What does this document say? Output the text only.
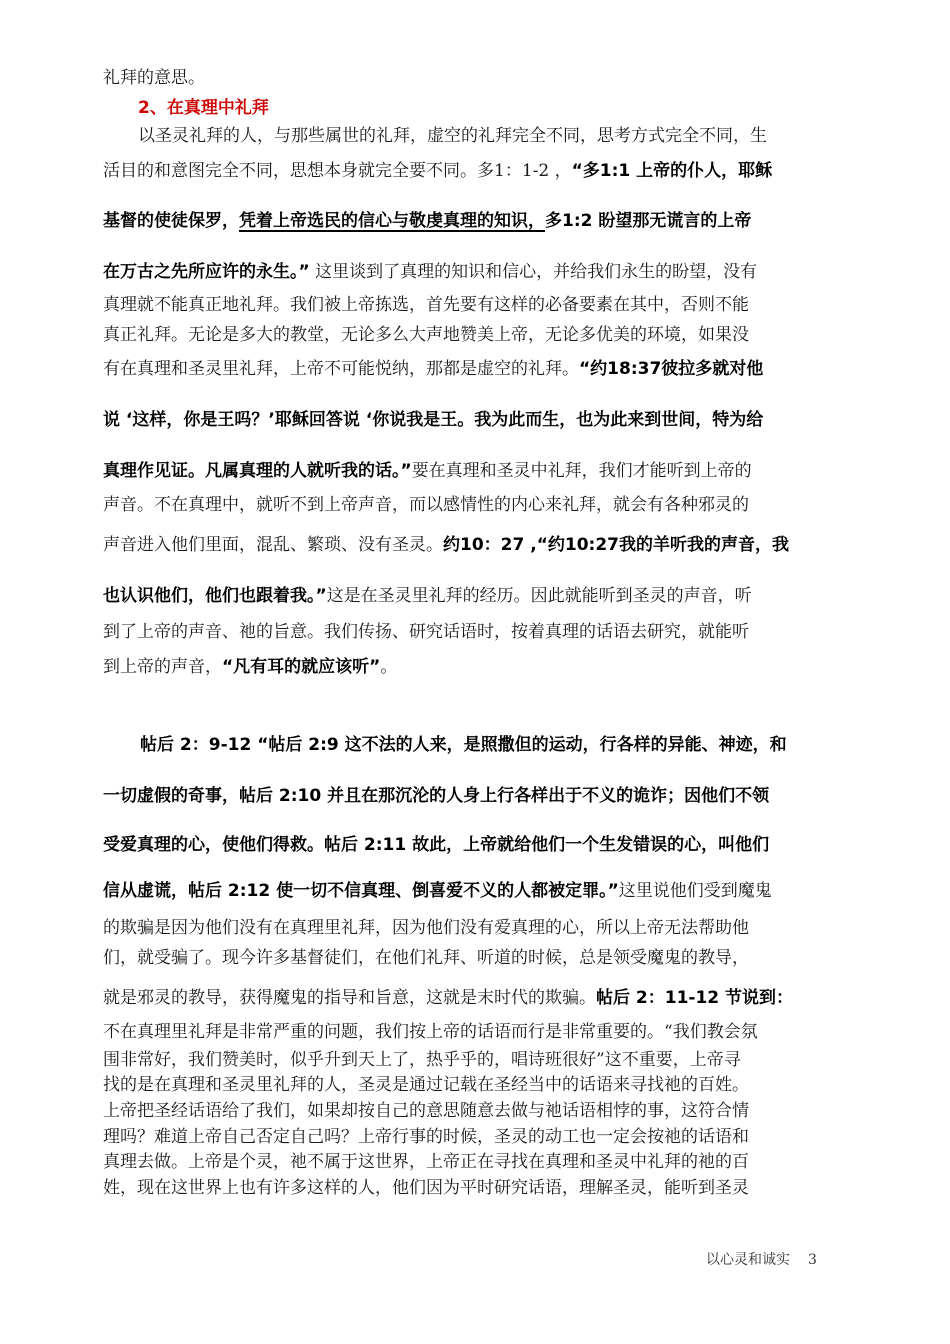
礼拜的意思。
2、在真理中礼拜
以圣灵礼拜的人，与那些属世的礼拜，虚空的礼拜完全不同，思考方式完全不同，生
活目的和意图完全不同，思想本身就完全要不同。多1：1-2 ，“多1:1 上帝的仆人，耶稣
基督的使徒保罗，凭着上帝选民的信心与敬虔真理的知识，多1:2 盼望那无谎言的上帝
在万古之先所应许的永生。” 这里谈到了真理的知识和信心，并给我们永生的盼望，没有
真理就不能真正地礼拜。我们被上帝拣选，首先要有这样的必备要素在其中，否则不能
真正礼拜。无论是多大的教堂，无论多么大声地赞美上帝，无论多优美的环境，如果没
有在真理和圣灵里礼拜，上帝不可能悦纳，那都是虚空的礼拜。“约18:37彼拉多就对他
说 ‘这样，你是王吗？’耶稣回答说 ‘你说我是王。我为此而生，也为此来到世间，特为给
真理作见证。凡属真理的人就听我的话。”要在真理和圣灵中礼拜，我们才能听到上帝的
声音。不在真理中，就听不到上帝声音，而以感情性的内心来礼拜，就会有各种邪灵的
声音进入他们里面，混乱、繁琐、没有圣灵。约10：27 ,“约10:27我的羊听我的声音，我
也认识他们，他们也跟着我。”这是在圣灵里礼拜的经历。因此就能听到圣灵的声音，听
到了上帝的声音、祂的旨意。我们传扬、研究话语时，按着真理的话语去研究，就能听
到上帝的声音，“凡有耳的就应该听”。
帖后 2：9-12 “帖后 2:9 这不法的人来，是照撒但的运动，行各样的异能、神迹，和
一切虚假的奇事，帖后 2:10 并且在那沉沦的人身上行各样出于不义的诡诈；因他们不领
受爱真理的心，使他们得救。帖后 2:11 故此，上帝就给他们一个生发错误的心，叫他们
信从虚谎，帖后 2:12 使一切不信真理、倒喜爱不义的人都被定罪。”这里说他们受到魔鬼
的欺骗是因为他们没有在真理里礼拜，因为他们没有爱真理的心，所以上帝无法帮助他
们，就受骗了。现今许多基督徒们，在他们礼拜、听道的时候，总是领受魔鬼的教导，
就是邪灵的教导，获得魔鬼的指导和旨意，这就是末时代的欺骗。帖后 2：11-12 节说到：
不在真理里礼拜是非常严重的问题，我们按上帝的话语而行是非常重要的。“我们教会氛
围非常好，我们赞美时，似乎升到天上了，热乎乎的，唱诗班很好”这不重要，上帝寻
找的是在真理和圣灵里礼拜的人，圣灵是通过记载在圣经当中的话语来寻找祂的百姓。
上帝把圣经话语给了我们，如果却按自己的意思随意去做与祂话语相悖的事，这符合情
理吗？难道上帝自己否定自己吗？上帝行事的时候，圣灵的动工也一定会按祂的话语和
真理去做。上帝是个灵，祂不属于这世界，上帝正在寻找在真理和圣灵中礼拜的祂的百
姓，现在这世界上也有许多这样的人，他们因为平时研究话语，理解圣灵，能听到圣灵
以心灵和诚实 3
